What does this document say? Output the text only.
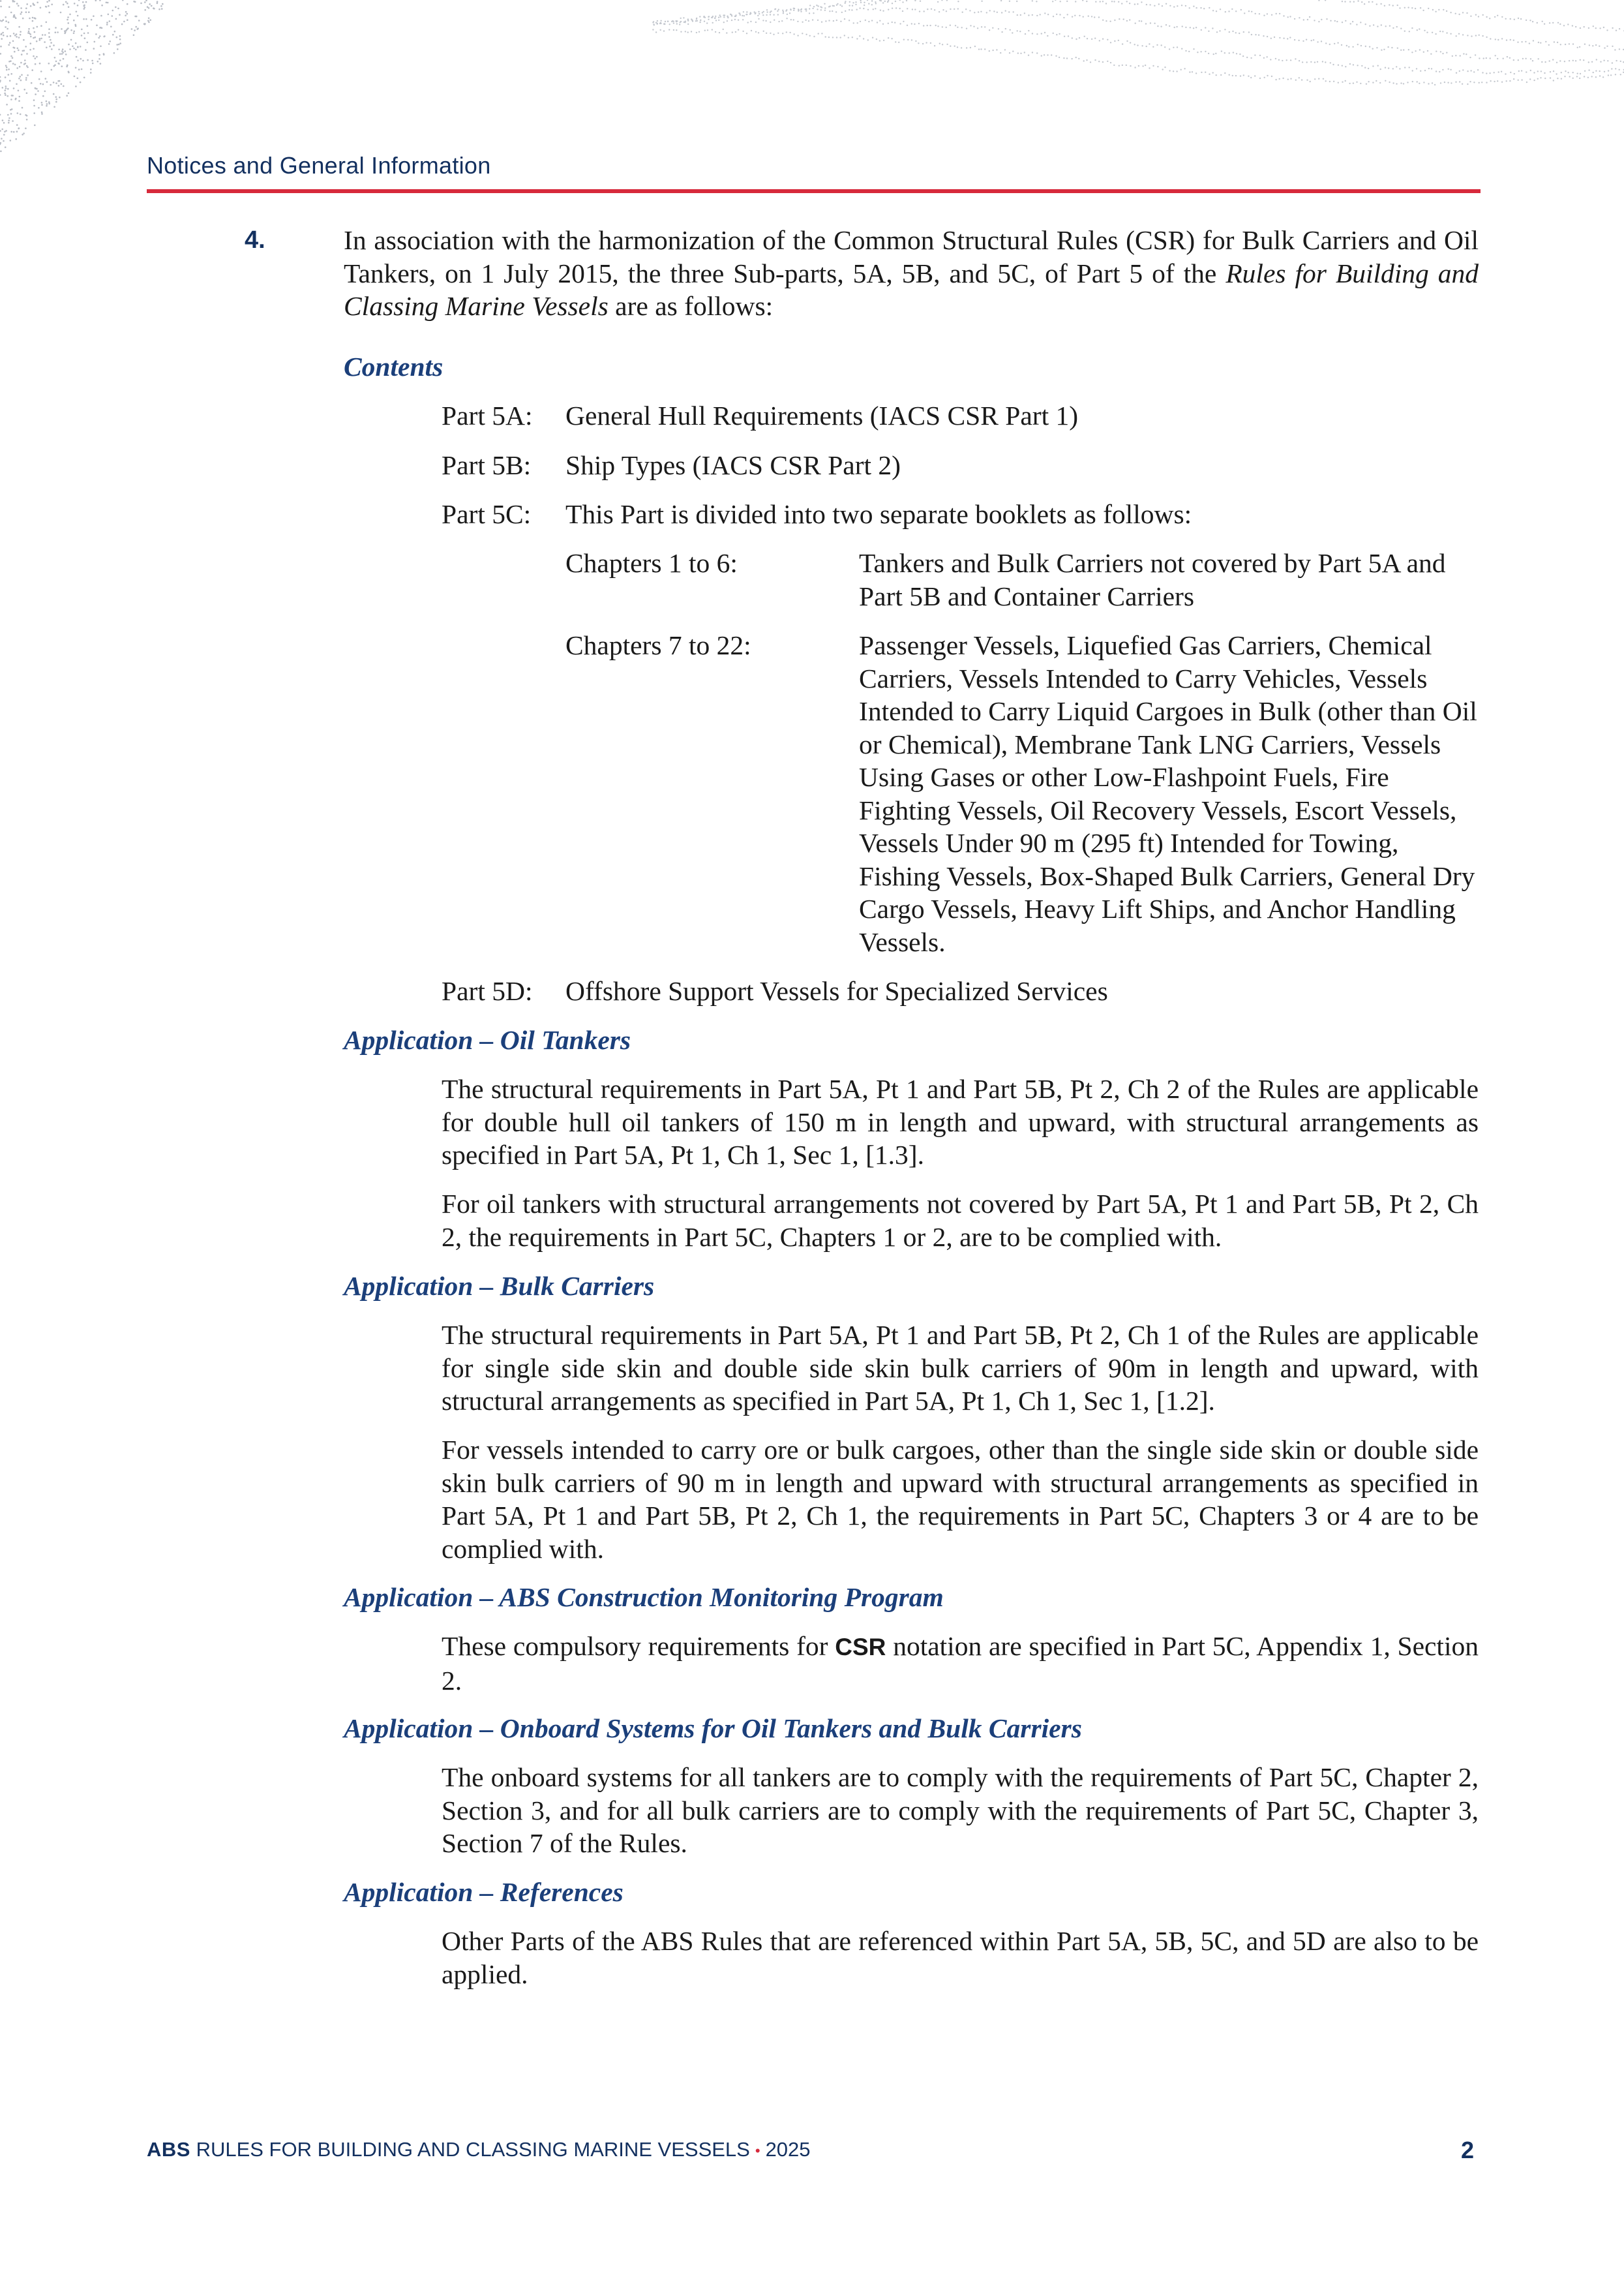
Notices and General Information
4.	In association with the harmonization of the Common Structural Rules (CSR) for Bulk Carriers and Oil Tankers, on 1 July 2015, the three Sub-parts, 5A, 5B, and 5C, of Part 5 of the Rules for Building and Classing Marine Vessels are as follows:

Contents
Part 5A: General Hull Requirements (IACS CSR Part 1)
Part 5B: Ship Types (IACS CSR Part 2)
Part 5C: This Part is divided into two separate booklets as follows:
Chapters 1 to 6:	Tankers and Bulk Carriers not covered by Part 5A and Part 5B and Container Carriers

Chapters 7 to 22:	Passenger Vessels, Liquefied Gas Carriers, Chemical Carriers, Vessels Intended to Carry Vehicles, Vessels Intended to Carry Liquid Cargoes in Bulk (other than Oil or Chemical), Membrane Tank LNG Carriers, Vessels Using Gases or other Low-Flashpoint Fuels, Fire Fighting Vessels, Oil Recovery Vessels, Escort Vessels, Vessels Under 90 m (295 ft) Intended for Towing, Fishing Vessels, Box-Shaped Bulk Carriers, General Dry Cargo Vessels, Heavy Lift Ships, and Anchor Handling Vessels.

Part 5D: Offshore Support Vessels for Specialized Services
Application – Oil Tankers

The structural requirements in Part 5A, Pt 1 and Part 5B, Pt 2, Ch 2 of the Rules are applicable for double hull oil tankers of 150 m in length and upward, with structural arrangements as specified in Part 5A, Pt 1, Ch 1, Sec 1, [1.3].

For oil tankers with structural arrangements not covered by Part 5A, Pt 1 and Part 5B, Pt 2, Ch 2, the requirements in Part 5C, Chapters 1 or 2, are to be complied with.

Application – Bulk Carriers

The structural requirements in Part 5A, Pt 1 and Part 5B, Pt 2, Ch 1 of the Rules are applicable for single side skin and double side skin bulk carriers of 90m in length and upward, with structural arrangements as specified in Part 5A, Pt 1, Ch 1, Sec 1, [1.2].

For vessels intended to carry ore or bulk cargoes, other than the single side skin or double side skin bulk carriers of 90 m in length and upward with structural arrangements as specified in Part 5A, Pt 1 and Part 5B, Pt 2, Ch 1, the requirements in Part 5C, Chapters 3 or 4 are to be complied with.

Application – ABS Construction Monitoring Program

These compulsory requirements for CSR notation are specified in Part 5C, Appendix 1, Section 2.

Application – Onboard Systems for Oil Tankers and Bulk Carriers

The onboard systems for all tankers are to comply with the requirements of Part 5C, Chapter 2, Section 3, and for all bulk carriers are to comply with the requirements of Part 5C, Chapter 3, Section 7 of the Rules.

Application – References

Other Parts of the ABS Rules that are referenced within Part 5A, 5B, 5C, and 5D are also to be applied.

ABS RULES FOR BUILDING AND CLASSING MARINE VESSELS • 2025	2
